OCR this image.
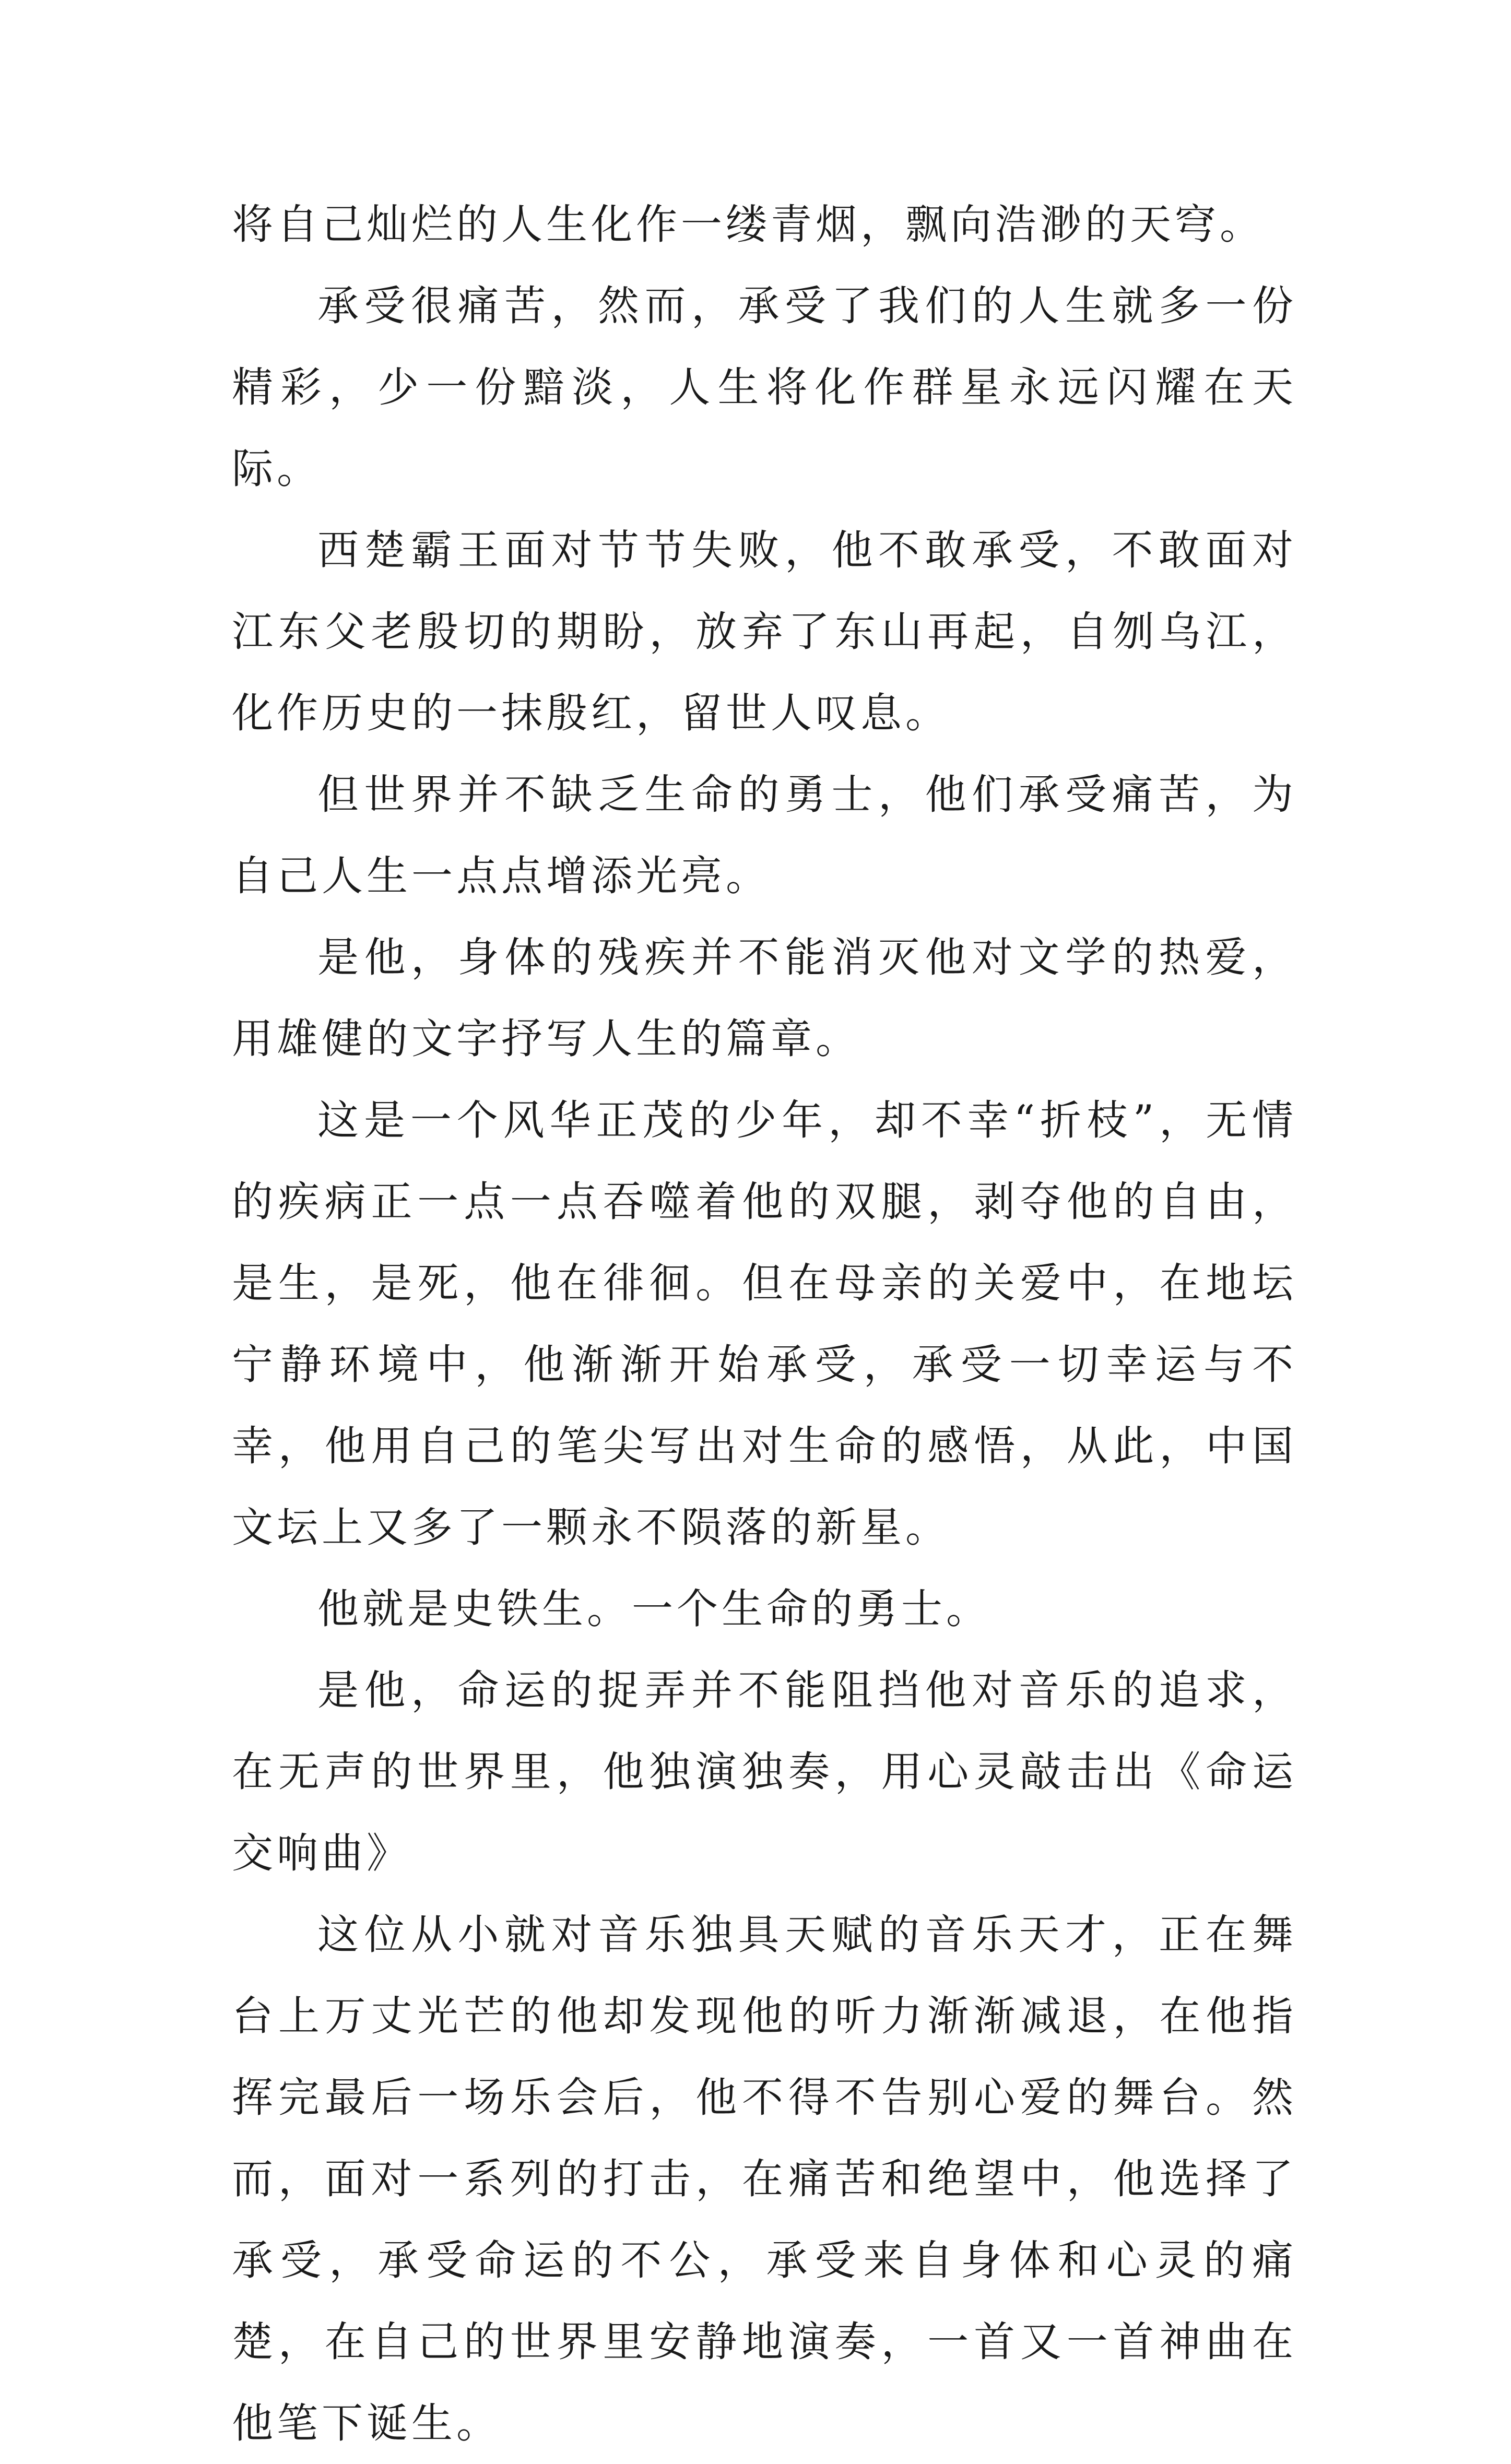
将自己灿烂的人生化作一缕青烟，飘向浩渺的天穹。

承受很痛苦，然而，承受了我们的人生就多一份精彩，少一份黯淡，人生将化作群星永远闪耀在天际。

西楚霸王面对节节失败，他不敢承受，不敢面对江东父老殷切的期盼，放弃了东山再起，自刎乌江，化作历史的一抹殷红，留世人叹息。

但世界并不缺乏生命的勇士，他们承受痛苦，为自己人生一点点增添光亮。

是他，身体的残疾并不能消灭他对文学的热爱，用雄健的文字抒写人生的篇章。

这是一个风华正茂的少年，却不幸“折枝”，无情的疾病正一点一点吞噬着他的双腿，剥夺他的自由，是生，是死，他在徘徊。但在母亲的关爱中，在地坛宁静环境中，他渐渐开始承受，承受一切幸运与不幸，他用自己的笔尖写出对生命的感悟，从此，中国文坛上又多了一颗永不陨落的新星。

他就是史铁生。一个生命的勇士。

是他，命运的捉弄并不能阻挡他对音乐的追求，在无声的世界里，他独演独奏，用心灵敲击出《命运交响曲》

这位从小就对音乐独具天赋的音乐天才，正在舞台上万丈光芒的他却发现他的听力渐渐减退，在他指挥完最后一场乐会后，他不得不告别心爱的舞台。然而，面对一系列的打击，在痛苦和绝望中，他选择了承受，承受命运的不公，承受来自身体和心灵的痛楚，在自己的世界里安静地演奏，一首又一首神曲在他笔下诞生。
